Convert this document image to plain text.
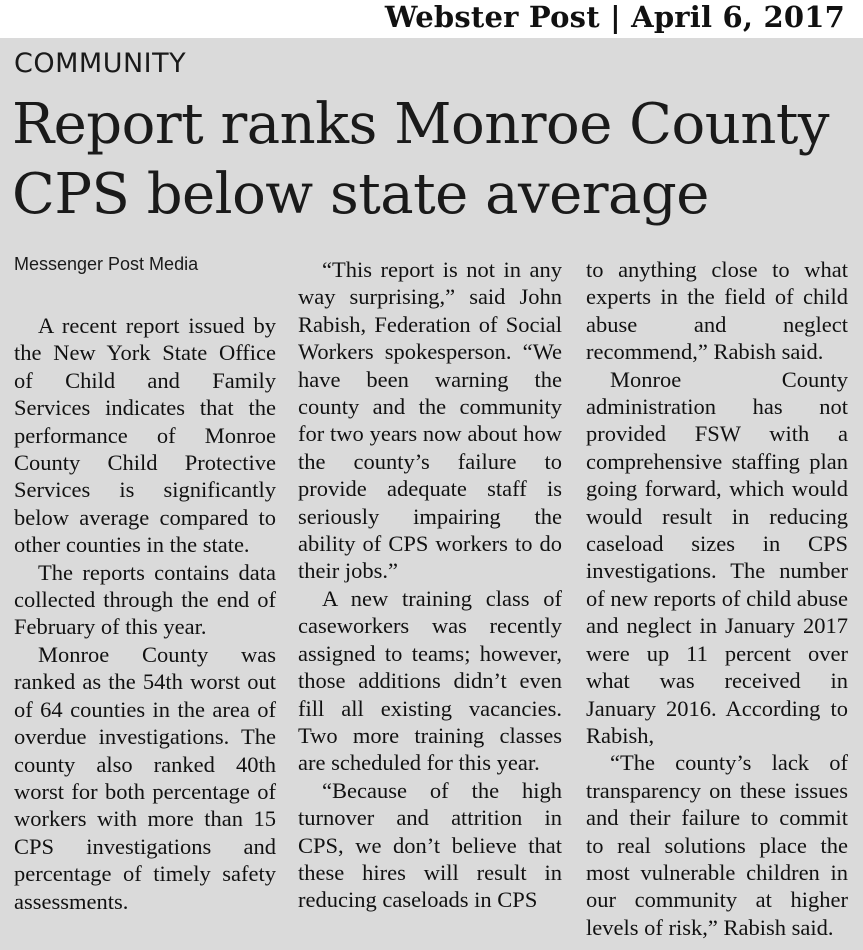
Webster Post | April 6, 2017
COMMUNITY
Report ranks Monroe County
CPS below state average
Messenger Post Media

A recent report issued by the New York State Office of Child and Family Services indicates that the performance of Monroe County Child Protective Services is significantly below average compared to other counties in the state.

The reports contains data collected through the end of February of this year.

Monroe County was ranked as the 54th worst out of 64 counties in the area of overdue investigations. The county also ranked 40th worst for both percentage of workers with more than 15 CPS investigations and percentage of timely safety assessments.

“This report is not in any way surprising,” said John Rabish, Federation of Social Workers spokesperson. “We have been warning the county and the community for two years now about how the county’s failure to provide adequate staff is seriously impairing the ability of CPS workers to do their jobs.”

A new training class of caseworkers was recently assigned to teams; however, those additions didn’t even fill all existing vacancies. Two more training classes are scheduled for this year.

“Because of the high turnover and attrition in CPS, we don’t believe that these hires will result in reducing caseloads in CPS

to anything close to what experts in the field of child abuse and neglect recommend,” Rabish said.

Monroe County administration has not provided FSW with a comprehensive staffing plan going forward, which would would result in reducing caseload sizes in CPS investigations. The number of new reports of child abuse and neglect in January 2017 were up 11 percent over what was received in January 2016. According to Rabish,

“The county’s lack of transparency on these issues and their failure to commit to real solutions place the most vulnerable children in our community at higher levels of risk,” Rabish said.
